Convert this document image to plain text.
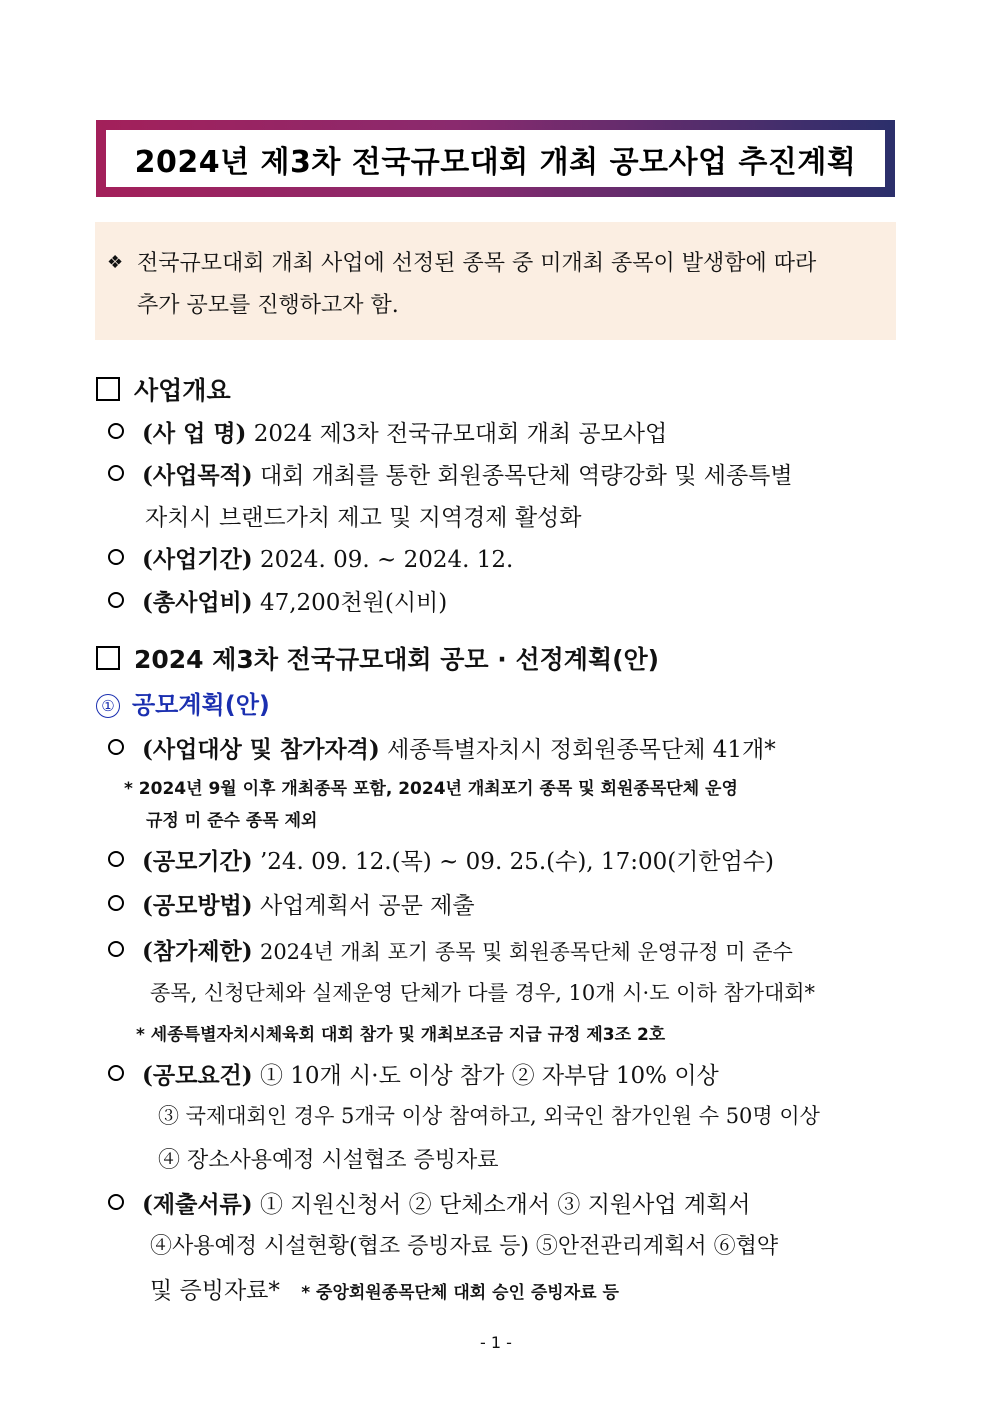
2024년 제3차 전국규모대회 개최 공모사업 추진계획
❖ 전국규모대회 개최 사업에 선정된 종목 중 미개최 종목이 발생함에 따라
추가 공모를 진행하고자 함.
사업개요
(사 업 명) 2024 제3차 전국규모대회 개최 공모사업
(사업목적) 대회 개최를 통한 회원종목단체 역량강화 및 세종특별
자치시 브랜드가치 제고 및 지역경제 활성화
(사업기간) 2024. 09. ~ 2024. 12.
(총사업비) 47,200천원(시비)
2024 제3차 전국규모대회 공모 · 선정계획(안)
① 공모계획(안)
(사업대상 및 참가자격) 세종특별자치시 정회원종목단체 41개*
* 2024년 9월 이후 개최종목 포함, 2024년 개최포기 종목 및 회원종목단체 운영
규정 미 준수 종목 제외
(공모기간) ’24. 09. 12.(목) ~ 09. 25.(수), 17:00(기한엄수)
(공모방법) 사업계획서 공문 제출
(참가제한) 2024년 개최 포기 종목 및 회원종목단체 운영규정 미 준수
종목, 신청단체와 실제운영 단체가 다를 경우, 10개 시·도 이하 참가대회*
* 세종특별자치시체육회 대회 참가 및 개최보조금 지급 규정 제3조 2호
(공모요건) ① 10개 시·도 이상 참가 ② 자부담 10% 이상
③ 국제대회인 경우 5개국 이상 참여하고, 외국인 참가인원 수 50명 이상
④ 장소사용예정 시설협조 증빙자료
(제출서류) ① 지원신청서 ② 단체소개서 ③ 지원사업 계획서
④사용예정 시설현황(협조 증빙자료 등) ⑤안전관리계획서 ⑥협약
및 증빙자료* * 중앙회원종목단체 대회 승인 증빙자료 등
- 1 -
